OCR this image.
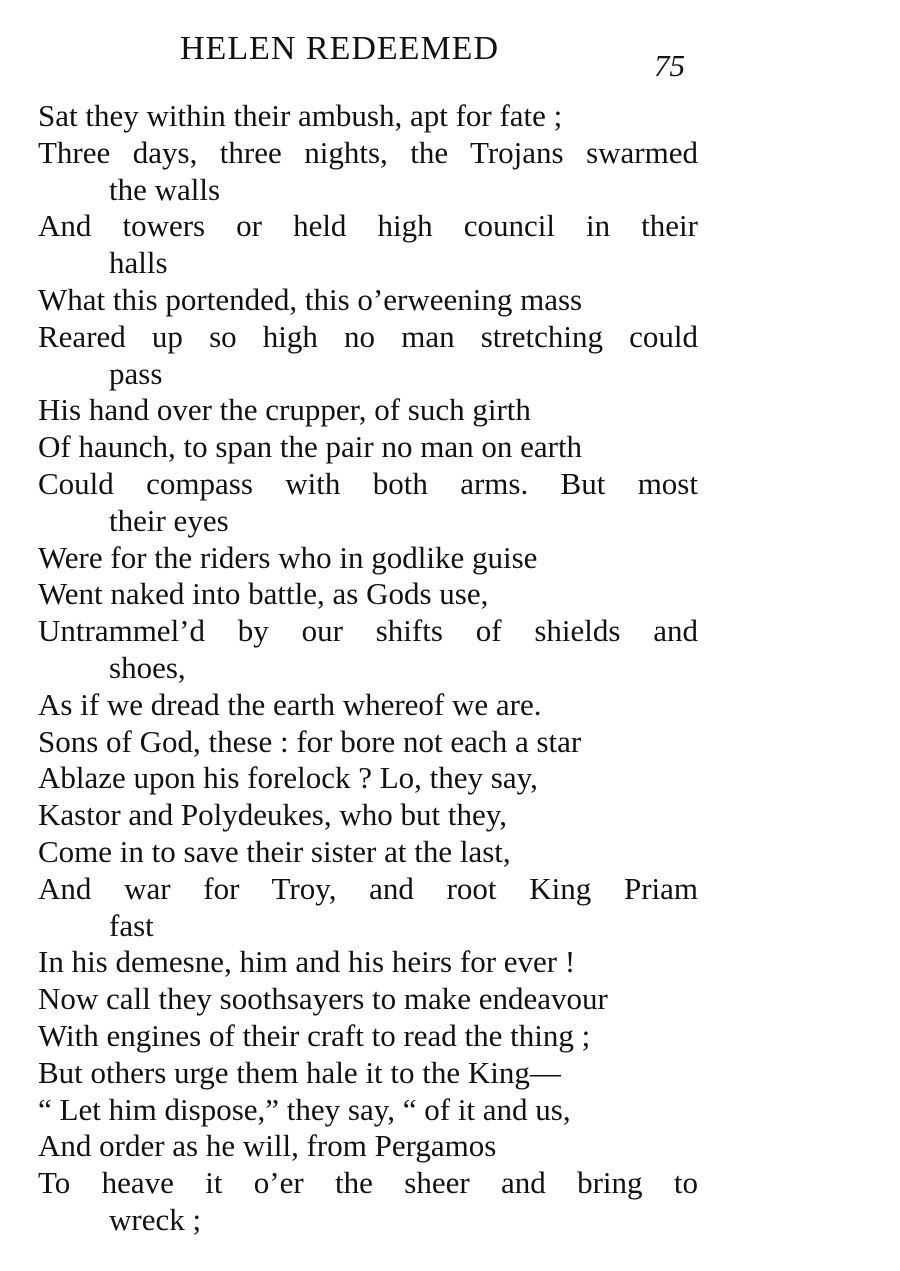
HELEN REDEEMED	75
Sat they within their ambush, apt for fate ;
Three days, three nights, the Trojans swarmed
the walls
And towers or held high council in their
halls
What this portended, this o’erweening mass
Reared up so high no man stretching could
pass
His hand over the crupper, of such girth
Of haunch, to span the pair no man on earth
Could compass with both arms. But most
their eyes
Were for the riders who in godlike guise
Went naked into battle, as Gods use,
Untrammel’d by our shifts of shields and
shoes,
As if we dread the earth whereof we are.
Sons of God, these : for bore not each a star
Ablaze upon his forelock ? Lo, they say,
Kastor and Polydeukes, who but they,
Come in to save their sister at the last,
And war for Troy, and root King Priam
fast
In his demesne, him and his heirs for ever !
Now call they soothsayers to make endeavour
With engines of their craft to read the thing ;
But others urge them hale it to the King—
“ Let him dispose,” they say, “ of it and us,
And order as he will, from Pergamos
To heave it o’er the sheer and bring to
wreck ;
